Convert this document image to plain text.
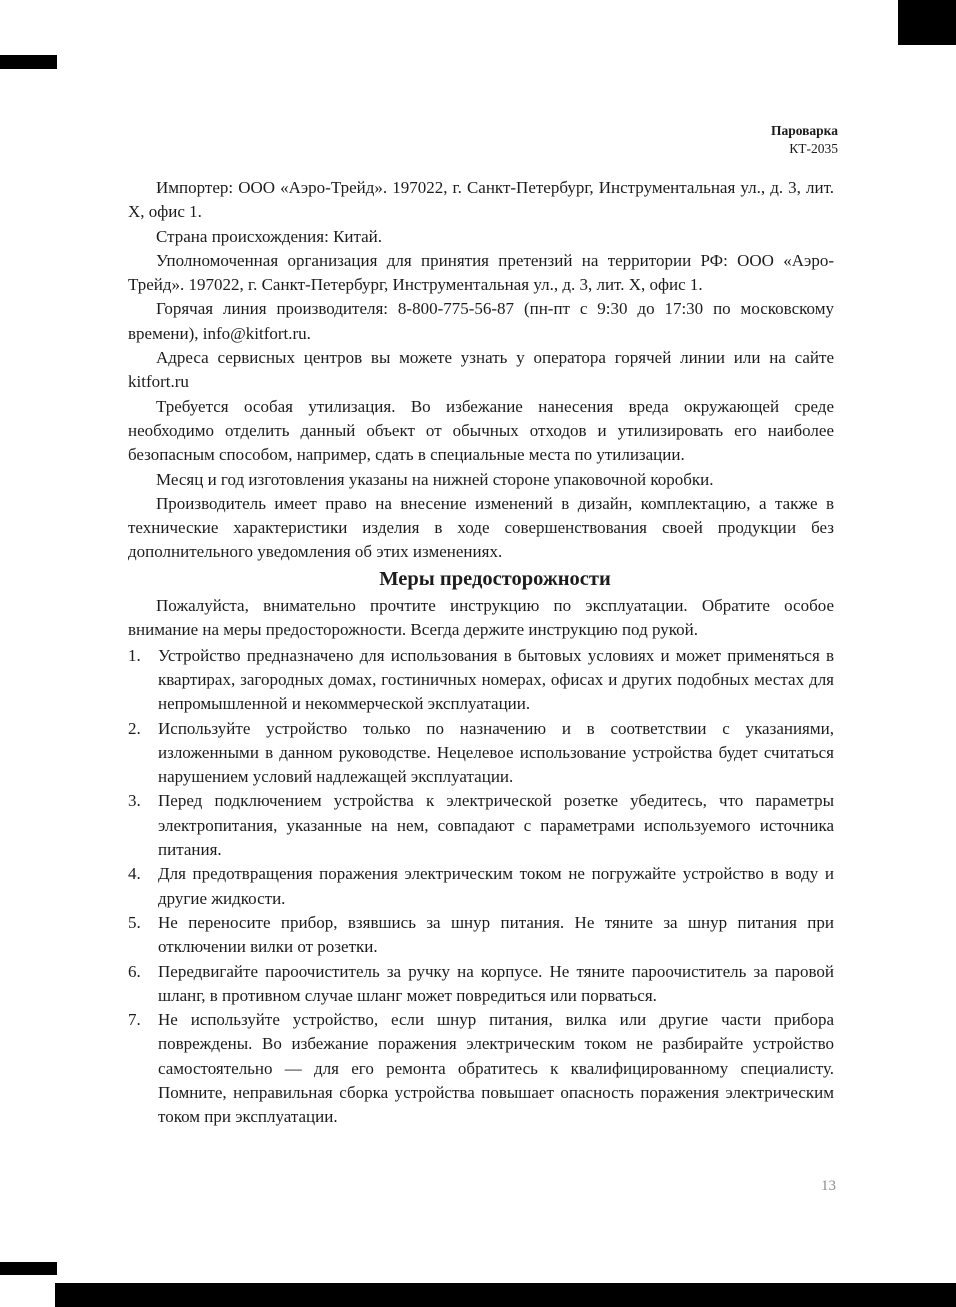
Пароварка
КТ-2035

Импортер: ООО «Аэро-Трейд». 197022, г. Санкт-Петербург, Инструментальная ул., д. 3, лит. Х, офис 1.

Страна происхождения: Китай.

Уполномоченная организация для принятия претензий на территории РФ: ООО «Аэро-Трейд». 197022, г. Санкт-Петербург, Инструментальная ул., д. 3, лит. Х, офис 1.

Горячая линия производителя: 8-800-775-56-87 (пн-пт с 9:30 до 17:30 по московскому времени), info@kitfort.ru.

Адреса сервисных центров вы можете узнать у оператора горячей линии или на сайте kitfort.ru

Требуется особая утилизация. Во избежание нанесения вреда окружающей среде необходимо отделить данный объект от обычных отходов и утилизировать его наиболее безопасным способом, например, сдать в специальные места по утилизации.

Месяц и год изготовления указаны на нижней стороне упаковочной коробки.

Производитель имеет право на внесение изменений в дизайн, комплектацию, а также в технические характеристики изделия в ходе совершенствования своей продукции без дополнительного уведомления об этих изменениях.

Меры предосторожности

Пожалуйста, внимательно прочтите инструкцию по эксплуатации. Обратите особое внимание на меры предосторожности. Всегда держите инструкцию под рукой.

1.	Устройство предназначено для использования в бытовых условиях и может применяться в квартирах, загородных домах, гостиничных номерах, офисах и других подобных местах для непромышленной и некоммерческой эксплуатации.
2.	Используйте устройство только по назначению и в соответствии с указаниями, изложенными в данном руководстве. Нецелевое использование устройства будет считаться нарушением условий надлежащей эксплуатации.
3.	Перед подключением устройства к электрической розетке убедитесь, что параметры электропитания, указанные на нем, совпадают с параметрами используемого источника питания.
4.	Для предотвращения поражения электрическим током не погружайте устройство в воду и другие жидкости.
5.	Не переносите прибор, взявшись за шнур питания. Не тяните за шнур питания при отключении вилки от розетки.
6.	Передвигайте пароочиститель за ручку на корпусе. Не тяните пароочиститель за паровой шланг, в противном случае шланг может повредиться или порваться.
7.	Не используйте устройство, если шнур питания, вилка или другие части прибора повреждены. Во избежание поражения электрическим током не разбирайте устройство самостоятельно — для его ремонта обратитесь к квалифицированному специалисту. Помните, неправильная сборка устройства повышает опасность поражения электрическим током при эксплуатации.
13
